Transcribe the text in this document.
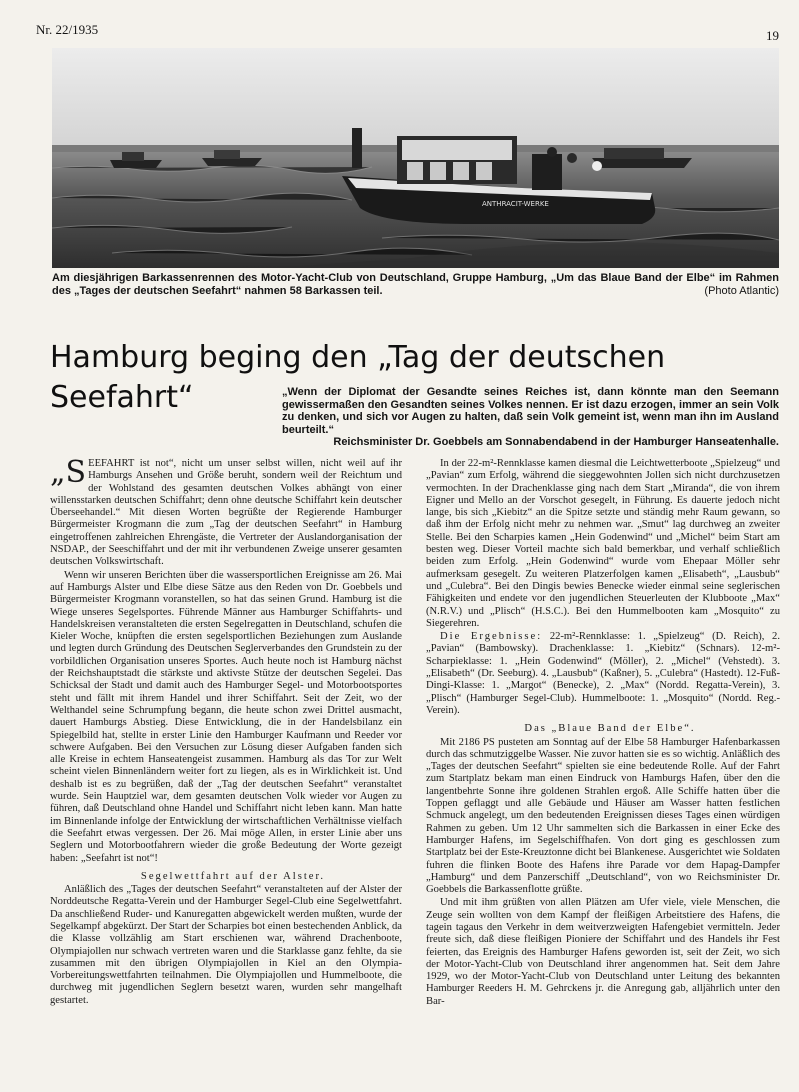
Nr. 22/1935	19
ANTHRACIT-WERKE
Am diesjährigen Barkassenrennen des Motor-Yacht-Club von Deutschland, Gruppe Hamburg, „Um das Blaue Band der Elbe“ im Rahmen des „Tages der deutschen Seefahrt“ nahmen 58 Barkassen teil.	(Photo Atlantic)
Hamburg beging den „Tag der deutschen
Seefahrt“	„Wenn der Diplomat der Gesandte seines Reiches ist, dann könnte man den Seemann gewissermaßen den Gesandten seines Volkes nennen. Er ist dazu erzogen, immer an sein Volk zu denken, und sich vor Augen zu halten, daß sein Volk gemeint ist, wenn man ihn im Ausland beurteilt.“
Reichsminister Dr. Goebbels am Sonnabendabend in der Hamburger Hanseatenhalle.

„SEEFAHRT ist not“, nicht um unser selbst willen, nicht weil auf ihr Hamburgs Ansehen und Größe beruht, sondern weil der Reichtum und der Wohlstand des gesamten deutschen Volkes abhängt von einer willensstarken deutschen Schiffahrt; denn ohne deutsche Schiffahrt kein deutscher Überseehandel.“ Mit diesen Worten begrüßte der Regierende Hamburger Bürgermeister Krogmann die zum „Tag der deutschen Seefahrt“ in Hamburg eingetroffenen zahlreichen Ehrengäste, die Vertreter der Auslandorganisation der NSDAP., der Seeschiffahrt und der mit ihr verbundenen Zweige unserer gesamten deutschen Volkswirtschaft.

Wenn wir unseren Berichten über die wassersportlichen Ereignisse am 26. Mai auf Hamburgs Alster und Elbe diese Sätze aus den Reden von Dr. Goebbels und Bürgermeister Krogmann voranstellen, so hat das seinen Grund. Hamburg ist die Wiege unseres Segelsportes. Führende Männer aus Hamburger Schiffahrts- und Handelskreisen veranstalteten die ersten Segelregatten in Deutschland, schufen die Kieler Woche, knüpften die ersten segelsportlichen Beziehungen zum Auslande und legten durch Gründung des Deutschen Seglerverbandes den Grundstein zu der vorbildlichen Organisation unseres Sportes. Auch heute noch ist Hamburg nächst der Reichshauptstadt die stärkste und aktivste Stütze der deutschen Segelei. Das Schicksal der Stadt und damit auch des Hamburger Segel- und Motorbootsportes steht und fällt mit ihrem Handel und ihrer Schiffahrt. Seit der Zeit, wo der Welthandel seine Schrumpfung begann, die heute schon zwei Drittel ausmacht, dauert Hamburgs Abstieg. Diese Entwicklung, die in der Handelsbilanz ein Spiegelbild hat, stellte in erster Linie den Hamburger Kaufmann und Reeder vor schwere Aufgaben. Bei den Versuchen zur Lösung dieser Aufgaben fanden sich alle Kreise in echtem Hanseatengeist zusammen. Hamburg als das Tor zur Welt scheint vielen Binnenländern weiter fort zu liegen, als es in Wirklichkeit ist. Und deshalb ist es zu begrüßen, daß der „Tag der deutschen Seefahrt“ veranstaltet wurde. Sein Hauptziel war, dem gesamten deutschen Volk wieder vor Augen zu führen, daß Deutschland ohne Handel und Schiffahrt nicht leben kann. Man hatte im Binnenlande infolge der Entwicklung der wirtschaftlichen Verhältnisse vielfach die Seefahrt etwas vergessen. Der 26. Mai möge Allen, in erster Linie aber uns Seglern und Motorbootfahrern wieder die große Bedeutung der Worte gezeigt haben: „Seefahrt ist not“!

Segelwettfahrt auf der Alster.

Anläßlich des „Tages der deutschen Seefahrt“ veranstalteten auf der Alster der Norddeutsche Regatta-Verein und der Hamburger Segel-Club eine Segelwettfahrt. Da anschließend Ruder- und Kanuregatten abgewickelt werden mußten, wurde der Segelkampf abgekürzt. Der Start der Scharpies bot einen bestechenden Anblick, da die Klasse vollzählig am Start erschienen war, während Drachenboote, Olympiajollen nur schwach vertreten waren und die Starklasse ganz fehlte, da sie zusammen mit den übrigen Olympiajollen in Kiel an den Olympia-Vorbereitungswettfahrten teilnahmen. Die Olympiajollen und Hummelboote, die durchweg mit jugendlichen Seglern besetzt waren, wurden sehr mangelhaft gestartet.

In der 22-m²-Rennklasse kamen diesmal die Leichtwetterboote „Spielzeug“ und „Pavian“ zum Erfolg, während die sieggewohnten Jollen sich nicht durchzusetzen vermochten. In der Drachenklasse ging nach dem Start „Miranda“, die von ihrem Eigner und Mello an der Vorschot gesegelt, in Führung. Es dauerte jedoch nicht lange, bis sich „Kiebitz“ an die Spitze setzte und ständig mehr Raum gewann, so daß ihm der Erfolg nicht mehr zu nehmen war. „Smut“ lag durchweg an zweiter Stelle. Bei den Scharpies kamen „Hein Godenwind“ und „Michel“ beim Start am besten weg. Dieser Vorteil machte sich bald bemerkbar, und verhalf schließlich beiden zum Erfolg. „Hein Godenwind“ wurde vom Ehepaar Möller sehr aufmerksam gesegelt. Zu weiteren Platzerfolgen kamen „Elisabeth“, „Lausbub“ und „Culebra“. Bei den Dingis bewies Benecke wieder einmal seine seglerischen Fähigkeiten und endete vor den jugendlichen Steuerleuten der Klubboote „Max“ (N.R.V.) und „Plisch“ (H.S.C.). Bei den Hummelbooten kam „Mosquito“ zu Siegerehren.

Die Ergebnisse: 22-m²-Rennklasse: 1. „Spielzeug“ (D. Reich), 2. „Pavian“ (Bambowsky). Drachenklasse: 1. „Kiebitz“ (Schnars). 12-m²-Scharpieklasse: 1. „Hein Godenwind“ (Möller), 2. „Michel“ (Vehstedt). 3. „Elisabeth“ (Dr. Seeburg). 4. „Lausbub“ (Kaßner), 5. „Culebra“ (Hastedt). 12-Fuß-Dingi-Klasse: 1. „Margot“ (Benecke), 2. „Max“ (Nordd. Regatta-Verein), 3. „Plisch“ (Hamburger Segel-Club). Hummelboote: 1. „Mosquito“ (Nordd. Reg.-Verein).

Das „Blaue Band der Elbe“.

Mit 2186 PS pusteten am Sonntag auf der Elbe 58 Hamburger Hafenbarkassen durch das schmutziggelbe Wasser. Nie zuvor hatten sie es so wichtig. Anläßlich des „Tages der deutschen Seefahrt“ spielten sie eine bedeutende Rolle. Auf der Fahrt zum Startplatz bekam man einen Eindruck von Hamburgs Hafen, über den die langentbehrte Sonne ihre goldenen Strahlen ergoß. Alle Schiffe hatten über die Toppen geflaggt und alle Gebäude und Häuser am Wasser hatten festlichen Schmuck angelegt, um den bedeutenden Ereignissen dieses Tages einen würdigen Rahmen zu geben. Um 12 Uhr sammelten sich die Barkassen in einer Ecke des Hamburger Hafens, im Segelschiffhafen. Von dort ging es geschlossen zum Startplatz bei der Este-Kreuztonne dicht bei Blankenese. Ausgerichtet wie Soldaten fuhren die flinken Boote des Hafens ihre Parade vor dem Hapag-Dampfer „Hamburg“ und dem Panzerschiff „Deutschland“, von wo Reichsminister Dr. Goebbels die Barkassenflotte grüßte.

Und mit ihm grüßten von allen Plätzen am Ufer viele, viele Menschen, die Zeuge sein wollten von dem Kampf der fleißigen Arbeitstiere des Hafens, die tagein tagaus den Verkehr in dem weitverzweigten Hafengebiet vermitteln. Jeder freute sich, daß diese fleißigen Pioniere der Schiffahrt und des Handels ihr Fest feierten, das Ereignis des Hamburger Hafens geworden ist, seit der Zeit, wo sich der Motor-Yacht-Club von Deutschland ihrer angenommen hat. Seit dem Jahre 1929, wo der Motor-Yacht-Club von Deutschland unter Leitung des bekannten Hamburger Reeders H. M. Gehrckens jr. die Anregung gab, alljährlich unter den Bar-
